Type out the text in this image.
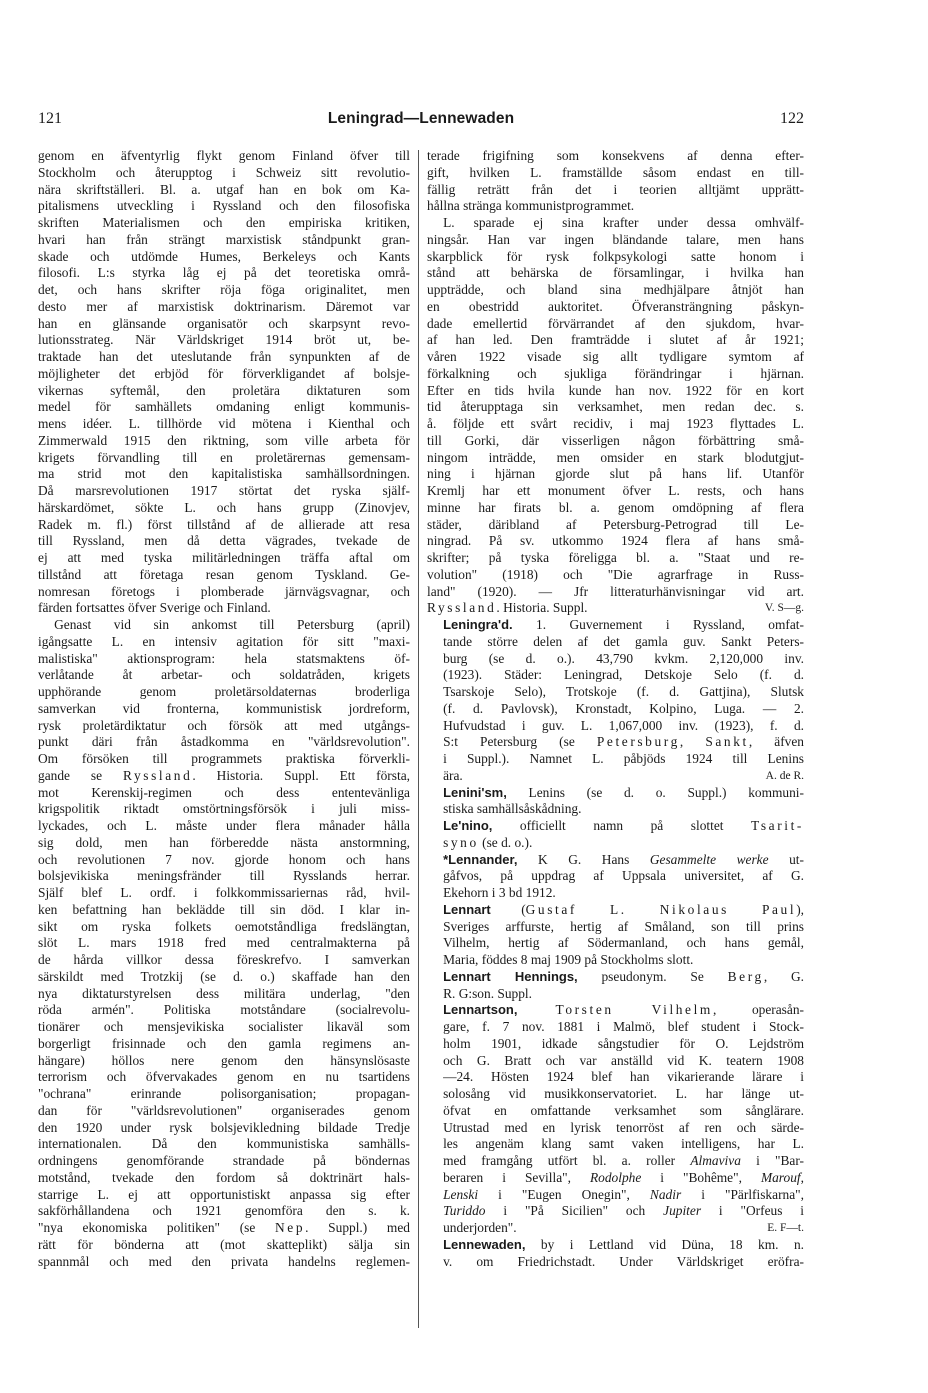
121	Leningrad—Lennewaden	122
genom en äfventyrlig flykt genom Finland öfver till
Stockholm och återupptog i Schweiz sitt revolutio-
nära skriftställeri. Bl. a. utgaf han en bok om Ka-
pitalismens utveckling i Ryssland och den filosofiska
skriften Materialismen och den empiriska kritiken,
hvari han från strängt marxistisk ståndpunkt gran-
skade och utdömde Humes, Berkeleys och Kants
filosofi. L:s styrka låg ej på det teoretiska områ-
det, och hans skrifter röja föga originalitet, men
desto mer af marxistisk doktrinarism. Däremot var
han en glänsande organisatör och skarpsynt revo-
lutionsstrateg. När Världskriget 1914 bröt ut, be-
traktade han det uteslutande från synpunkten af de
möjligheter det erbjöd för förverkligandet af bolsje-
vikernas syftemål, den proletära diktaturen som
medel för samhällets omdaning enligt kommunis-
mens idéer. L. tillhörde vid mötena i Kienthal och
Zimmerwald 1915 den riktning, som ville arbeta för
krigets förvandling till en proletärernas gemensam-
ma strid mot den kapitalistiska samhällsordningen.
Då marsrevolutionen 1917 störtat det ryska själf-
härskardömet, sökte L. och hans grupp (Zinovjev,
Radek m. fl.) först tillstånd af de allierade att resa
till Ryssland, men då detta vägrades, tvekade de
ej att med tyska militärledningen träffa aftal om
tillstånd att företaga resan genom Tyskland. Ge-
nomresan företogs i plomberade järnvägsvagnar, och
färden fortsattes öfver Sverige och Finland.
Genast vid sin ankomst till Petersburg (april)
igångsatte L. en intensiv agitation för sitt "maxi-
malistiska" aktionsprogram: hela statsmaktens öf-
verlåtande åt arbetar- och soldatråden, krigets
upphörande genom proletärsoldaternas broderliga
samverkan vid fronterna, kommunistisk jordreform,
rysk proletärdiktatur och försök att med utgångs-
punkt däri från åstadkomma en "världsrevolution".
Om försöken till programmets praktiska förverkli-
gande se Ryssland. Historia. Suppl. Ett första,
mot Kerenskij-regimen och dess ententevänliga
krigspolitik riktadt omstörtningsförsök i juli miss-
lyckades, och L. måste under flera månader hålla
sig dold, men han förberedde nästa anstormning,
och revolutionen 7 nov. gjorde honom och hans
bolsjevikiska meningsfränder till Rysslands herrar.
Själf blef L. ordf. i folkkommissariernas råd, hvil-
ken befattning han beklädde till sin död. I klar in-
sikt om ryska folkets oemotståndliga fredslängtan,
slöt L. mars 1918 fred med centralmakterna på
de hårda villkor dessa föreskrefvo. I samverkan
särskildt med Trotzkij (se d. o.) skaffade han den
nya diktaturstyrelsen dess militära underlag, "den
röda armén". Politiska motståndare (socialrevolu-
tionärer och mensjevikiska socialister likaväl som
borgerligt frisinnade och den gamla regimens an-
hängare) höllos nere genom den hänsynslösaste
terrorism och öfvervakades genom en nu tsartidens
"ochrana" erinrande polisorganisation; propagan-
dan för "världsrevolutionen" organiserades genom
den 1920 under rysk bolsjevikledning bildade Tredje
internationalen. Då den kommunistiska samhälls-
ordningens genomförande strandade på böndernas
motstånd, tvekade den fordom så doktrinärt hals-
starrige L. ej att opportunistiskt anpassa sig efter
sakförhållandena och 1921 genomföra den s. k.
"nya ekonomiska politiken" (se Nep. Suppl.) med
rätt för bönderna att (mot skatteplikt) sälja sin
spannmål och med den privata handelns reglemen-
terade frigifning som konsekvens af denna efter-
gift, hvilken L. framställde såsom endast en till-
fällig reträtt från det i teorien alltjämt upprätt-
hållna stränga kommunistprogrammet.
L. sparade ej sina krafter under dessa omhvälf-
ningsår. Han var ingen bländande talare, men hans
skarpblick för rysk folkpsykologi satte honom i
stånd att behärska de församlingar, i hvilka han
uppträdde, och bland sina medhjälpare åtnjöt han
en obestridd auktoritet. Öfveransträngning påskyn-
dade emellertid förvärrandet af den sjukdom, hvar-
af han led. Den framträdde i slutet af år 1921;
våren 1922 visade sig allt tydligare symtom af
förkalkning och sjukliga förändringar i hjärnan.
Efter en tids hvila kunde han nov. 1922 för en kort
tid återupptaga sin verksamhet, men redan dec. s.
å. följde ett svårt recidiv, i maj 1923 flyttades L.
till Gorki, där visserligen någon förbättring små-
ningom inträdde, men omsider en stark blodutgjut-
ning i hjärnan gjorde slut på hans lif. Utanför
Kremlj har ett monument öfver L. rests, och hans
minne har firats bl. a. genom omdöpning af flera
städer, däribland af Petersburg-Petrograd till Le-
ningrad. På sv. utkommo 1924 flera af hans små-
skrifter; på tyska föreligga bl. a. "Staat und re-
volution" (1918) och "Die agrarfrage in Russ-
land" (1920). — Jfr litteraturhänvisningar vid art.
Ryssland. Historia. Suppl.	V. S—g.
Leningra'd. 1. Guvernement i Ryssland, omfat-
tande större delen af det gamla guv. Sankt Peters-
burg (se d. o.). 43,790 kvkm. 2,120,000 inv.
(1923). Städer: Leningrad, Detskoje Selo (f. d.
Tsarskoje Selo), Trotskoje (f. d. Gattjina), Slutsk
(f. d. Pavlovsk), Kronstadt, Kolpino, Luga. — 2.
Hufvudstad i guv. L. 1,067,000 inv. (1923), f. d.
S:t Petersburg (se Petersburg, Sankt, äfven
i Suppl.). Namnet L. påbjöds 1924 till Lenins
ära.	A. de R.
Lenini'sm, Lenins (se d. o. Suppl.) kommuni-
stiska samhällsåskådning.
Le'nino, officiellt namn på slottet Tsarit-
syno (se d. o.).
*Lennander, K G. Hans Gesammelte werke ut-
gåfvos, på uppdrag af Uppsala universitet, af G.
Ekehorn i 3 bd 1912.
Lennart (Gustaf L. Nikolaus Paul),
Sveriges arffurste, hertig af Småland, son till prins
Vilhelm, hertig af Södermanland, och hans gemål,
Maria, föddes 8 maj 1909 på Stockholms slott.
Lennart Hennings, pseudonym. Se Berg, G.
R. G:son. Suppl.
Lennartson, Torsten Vilhelm, operasån-
gare, f. 7 nov. 1881 i Malmö, blef student i Stock-
holm 1901, idkade sångstudier för O. Lejdström
och G. Bratt och var anställd vid K. teatern 1908
—24. Hösten 1924 blef han vikarierande lärare i
solosång vid musikkonservatoriet. L. har länge ut-
öfvat en omfattande verksamhet som sånglärare.
Utrustad med en lyrisk tenorröst af ren och särde-
les angenäm klang samt vaken intelligens, har L.
med framgång utfört bl. a. roller Almaviva i "Bar-
beraren i Sevilla", Rodolphe i "Bohême", Marouf,
Lenski i "Eugen Onegin", Nadir i "Pärlfiskarna",
Turiddo i "På Sicilien" och Jupiter i "Orfeus i
underjorden".	E. F—t.
Lennewaden, by i Lettland vid Düna, 18 km. n.
v. om Friedrichstadt. Under Världskriget eröfra-
